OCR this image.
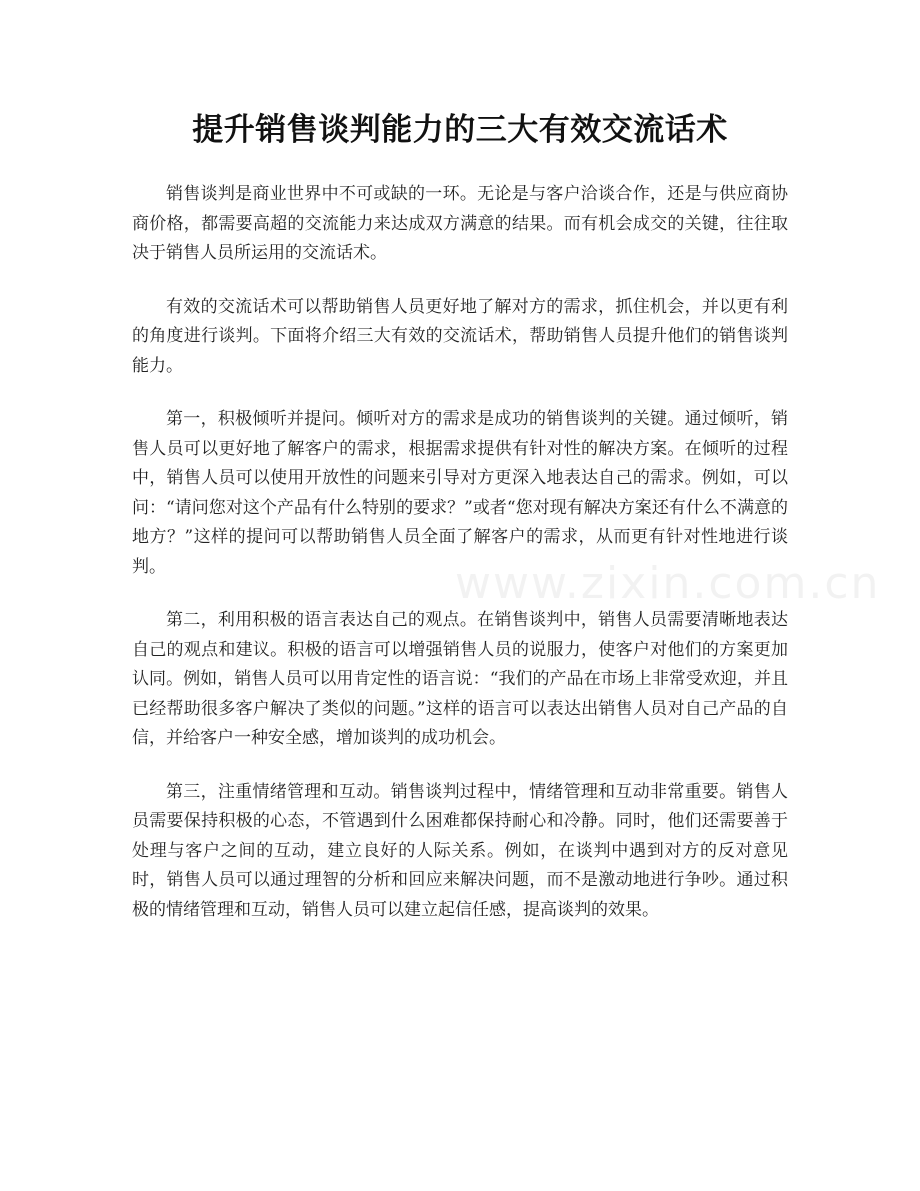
提升销售谈判能力的三大有效交流话术

销售谈判是商业世界中不可或缺的一环。无论是与客户洽谈合作，还是与供应商协商价格，都需要高超的交流能力来达成双方满意的结果。而有机会成交的关键，往往取决于销售人员所运用的交流话术。

有效的交流话术可以帮助销售人员更好地了解对方的需求，抓住机会，并以更有利的角度进行谈判。下面将介绍三大有效的交流话术，帮助销售人员提升他们的销售谈判能力。

第一，积极倾听并提问。倾听对方的需求是成功的销售谈判的关键。通过倾听，销售人员可以更好地了解客户的需求，根据需求提供有针对性的解决方案。在倾听的过程中，销售人员可以使用开放性的问题来引导对方更深入地表达自己的需求。例如，可以问：“请问您对这个产品有什么特别的要求？”或者“您对现有解决方案还有什么不满意的地方？”这样的提问可以帮助销售人员全面了解客户的需求，从而更有针对性地进行谈判。

第二，利用积极的语言表达自己的观点。在销售谈判中，销售人员需要清晰地表达自己的观点和建议。积极的语言可以增强销售人员的说服力，使客户对他们的方案更加认同。例如，销售人员可以用肯定性的语言说：“我们的产品在市场上非常受欢迎，并且已经帮助很多客户解决了类似的问题。”这样的语言可以表达出销售人员对自己产品的自信，并给客户一种安全感，增加谈判的成功机会。

第三，注重情绪管理和互动。销售谈判过程中，情绪管理和互动非常重要。销售人员需要保持积极的心态，不管遇到什么困难都保持耐心和冷静。同时，他们还需要善于处理与客户之间的互动，建立良好的人际关系。例如，在谈判中遇到对方的反对意见时，销售人员可以通过理智的分析和回应来解决问题，而不是激动地进行争吵。通过积极的情绪管理和互动，销售人员可以建立起信任感，提高谈判的效果。

www.zixin.com.cn
